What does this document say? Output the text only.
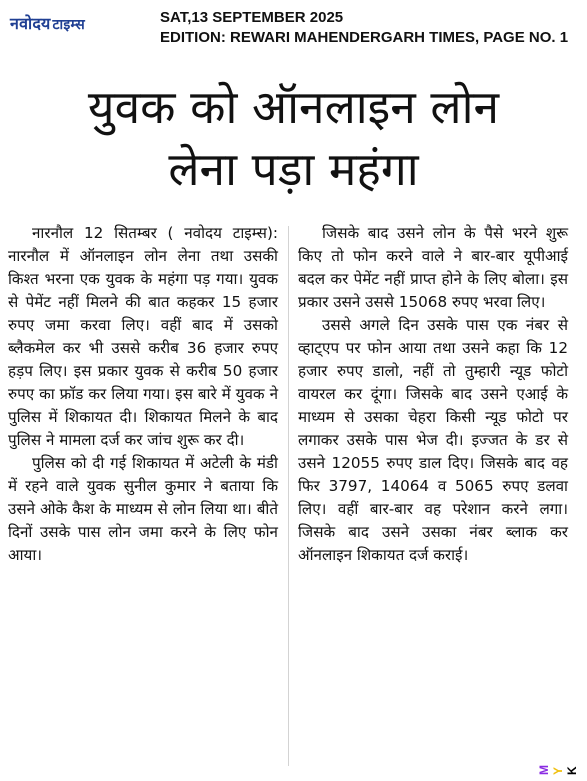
नवोदय टाइम्स	SAT,13 SEPTEMBER 2025
EDITION: REWARI MAHENDERGARH TIMES, PAGE NO. 1
युवक को ऑनलाइन लोन
लेना पड़ा महंगा

नारनौल 12 सितम्बर ( नवोदय टाइम्स): नारनौल में ऑनलाइन लोन लेना तथा उसकी किश्त भरना एक युवक के महंगा पड़ गया। युवक से पेमेंट नहीं मिलने की बात कहकर 15 हजार रुपए जमा करवा लिए। वहीं बाद में उसको ब्लैकमेल कर भी उससे करीब 36 हजार रुपए हड़प लिए। इस प्रकार युवक से करीब 50 हजार रुपए का फ्रॉड कर लिया गया। इस बारे में युवक ने पुलिस में शिकायत दी। शिकायत मिलने के बाद पुलिस ने मामला दर्ज कर जांच शुरू कर दी।

पुलिस को दी गई शिकायत में अटेली के मंडी में रहने वाले युवक सुनील कुमार ने बताया कि उसने ओके कैश के माध्यम से लोन लिया था। बीते दिनों उसके पास लोन जमा करने के लिए फोन आया।

जिसके बाद उसने लोन के पैसे भरने शुरू किए तो फोन करने वाले ने बार-बार यूपीआई बदल कर पेमेंट नहीं प्राप्त होने के लिए बोला। इस प्रकार उसने उससे 15068 रुपए भरवा लिए।

उससे अगले दिन उसके पास एक नंबर से व्हाट्एप पर फोन आया तथा उसने कहा कि 12 हजार रुपए डालो, नहीं तो तुम्हारी न्यूड फोटो वायरल कर दूंगा। जिसके बाद उसने एआई के माध्यम से उसका चेहरा किसी न्यूड फोटो पर लगाकर उसके पास भेज दी। इज्जत के डर से उसने 12055 रुपए डाल दिए। जिसके बाद वह फिर 3797, 14064 व 5065 रुपए डलवा लिए। वहीं बार-बार वह परेशान करने लगा। जिसके बाद उसने उसका नंबर ब्लाक कर ऑनलाइन शिकायत दर्ज कराई।

M Y K
